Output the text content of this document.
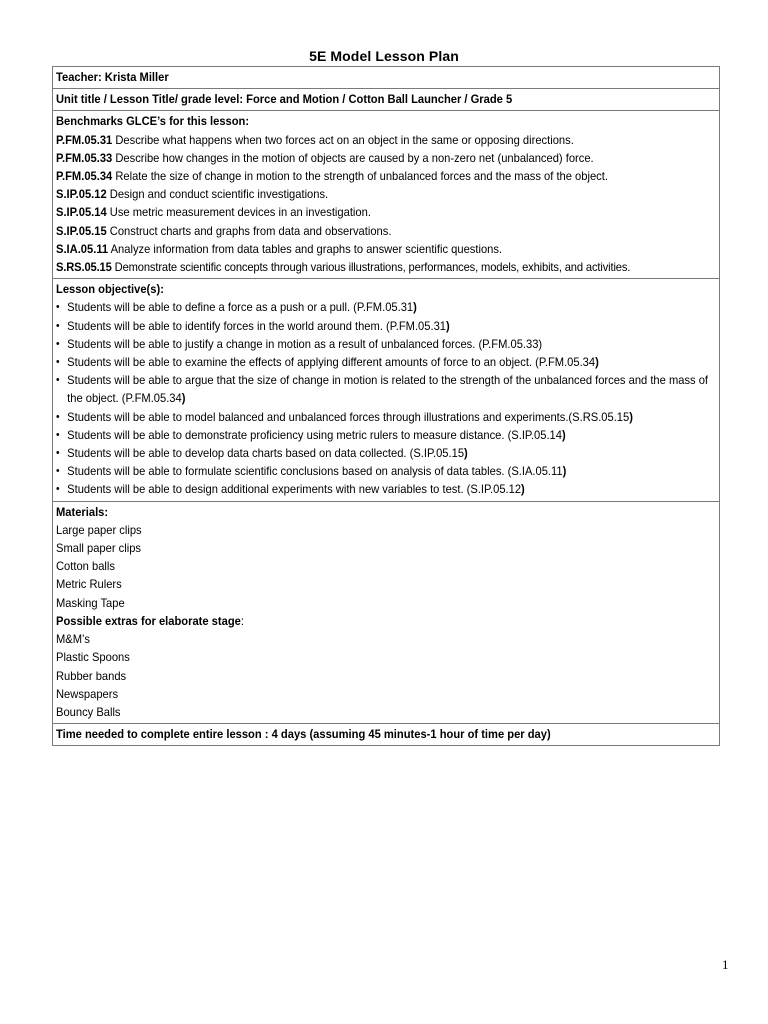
5E Model Lesson Plan
Teacher: Krista Miller
Unit title / Lesson Title/ grade level: Force and Motion / Cotton Ball Launcher / Grade 5

Benchmarks GLCE’s for this lesson:
P.FM.05.31 Describe what happens when two forces act on an object in the same or opposing directions.
P.FM.05.33 Describe how changes in the motion of objects are caused by a non-zero net (unbalanced) force.
P.FM.05.34 Relate the size of change in motion to the strength of unbalanced forces and the mass of the object.
S.IP.05.12 Design and conduct scientific investigations.
S.IP.05.14 Use metric measurement devices in an investigation.
S.IP.05.15 Construct charts and graphs from data and observations.
S.IA.05.11 Analyze information from data tables and graphs to answer scientific questions.
S.RS.05.15 Demonstrate scientific concepts through various illustrations, performances, models, exhibits, and activities.

Lesson objective(s):
• Students will be able to define a force as a push or a pull. (P.FM.05.31)
• Students will be able to identify forces in the world around them. (P.FM.05.31)
• Students will be able to justify a change in motion as a result of unbalanced forces. (P.FM.05.33)
• Students will be able to examine the effects of applying different amounts of force to an object. (P.FM.05.34)
• Students will be able to argue that the size of change in motion is related to the strength of the unbalanced forces and the mass of the object. (P.FM.05.34)
• Students will be able to model balanced and unbalanced forces through illustrations and experiments.(S.RS.05.15)
• Students will be able to demonstrate proficiency using metric rulers to measure distance. (S.IP.05.14)
• Students will be able to develop data charts based on data collected. (S.IP.05.15)
• Students will be able to formulate scientific conclusions based on analysis of data tables. (S.IA.05.11)
• Students will be able to design additional experiments with new variables to test. (S.IP.05.12)

Materials:
Large paper clips
Small paper clips
Cotton balls
Metric Rulers
Masking Tape
Possible extras for elaborate stage:
M&M’s
Plastic Spoons
Rubber bands
Newspapers
Bouncy Balls

Time needed to complete entire lesson : 4 days (assuming 45 minutes-1 hour of time per day)
1
